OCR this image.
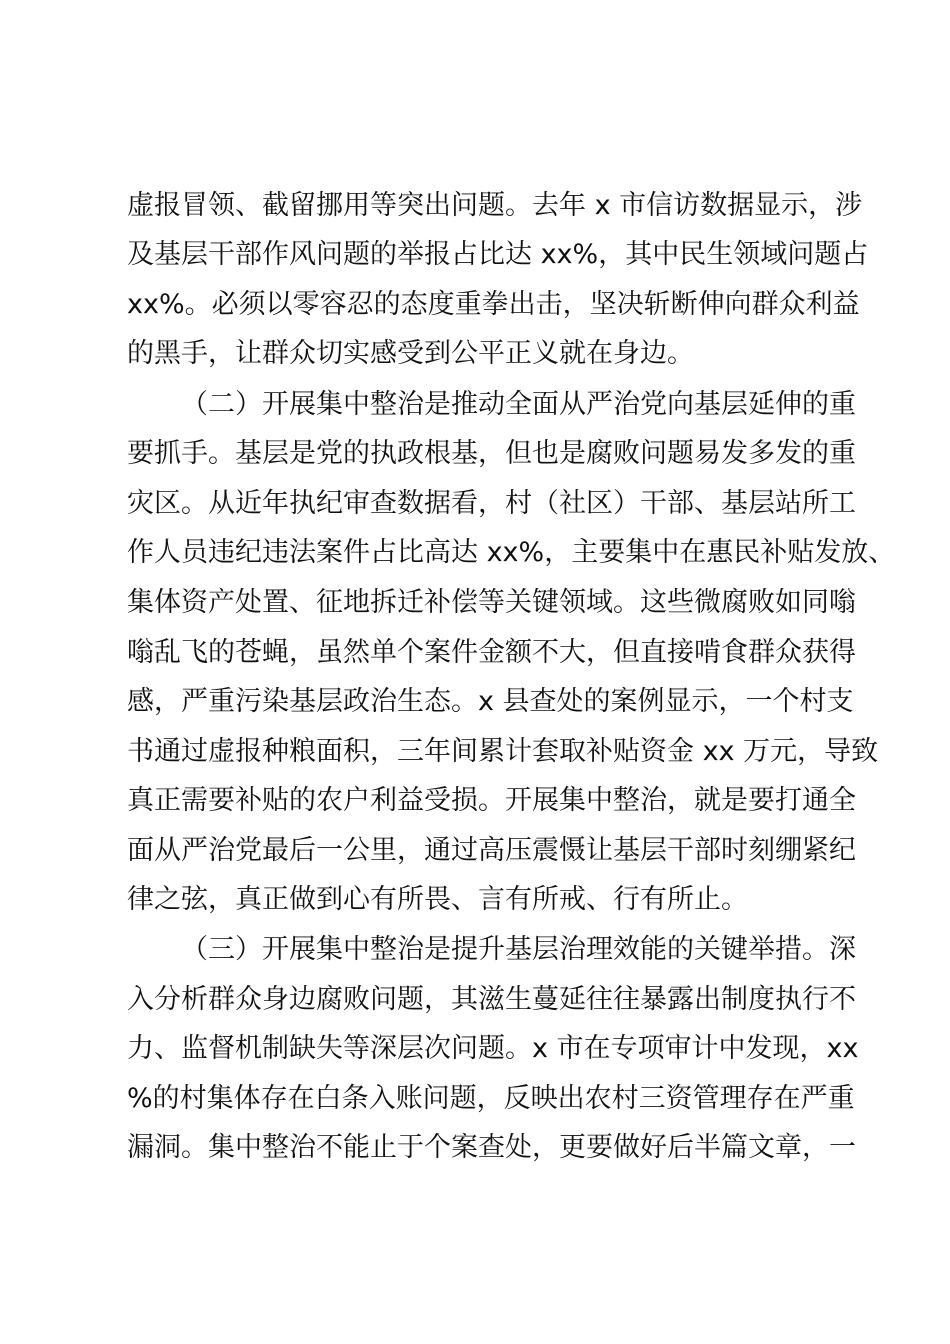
虚报冒领、截留挪用等突出问题。去年 x 市信访数据显示，涉

及基层干部作风问题的举报占比达 xx%，其中民生领域问题占

xx%。必须以零容忍的态度重拳出击，坚决斩断伸向群众利益

的黑手，让群众切实感受到公平正义就在身边。

（二）开展集中整治是推动全面从严治党向基层延伸的重

要抓手。基层是党的执政根基，但也是腐败问题易发多发的重

灾区。从近年执纪审查数据看，村（社区）干部、基层站所工

作人员违纪违法案件占比高达 xx%，主要集中在惠民补贴发放、

集体资产处置、征地拆迁补偿等关键领域。这些微腐败如同嗡

嗡乱飞的苍蝇，虽然单个案件金额不大，但直接啃食群众获得

感，严重污染基层政治生态。x 县查处的案例显示，一个村支

书通过虚报种粮面积，三年间累计套取补贴资金 xx 万元，导致

真正需要补贴的农户利益受损。开展集中整治，就是要打通全

面从严治党最后一公里，通过高压震慑让基层干部时刻绷紧纪

律之弦，真正做到心有所畏、言有所戒、行有所止。

（三）开展集中整治是提升基层治理效能的关键举措。深

入分析群众身边腐败问题，其滋生蔓延往往暴露出制度执行不

力、监督机制缺失等深层次问题。x 市在专项审计中发现，xx

%的村集体存在白条入账问题，反映出农村三资管理存在严重

漏洞。集中整治不能止于个案查处，更要做好后半篇文章，一
